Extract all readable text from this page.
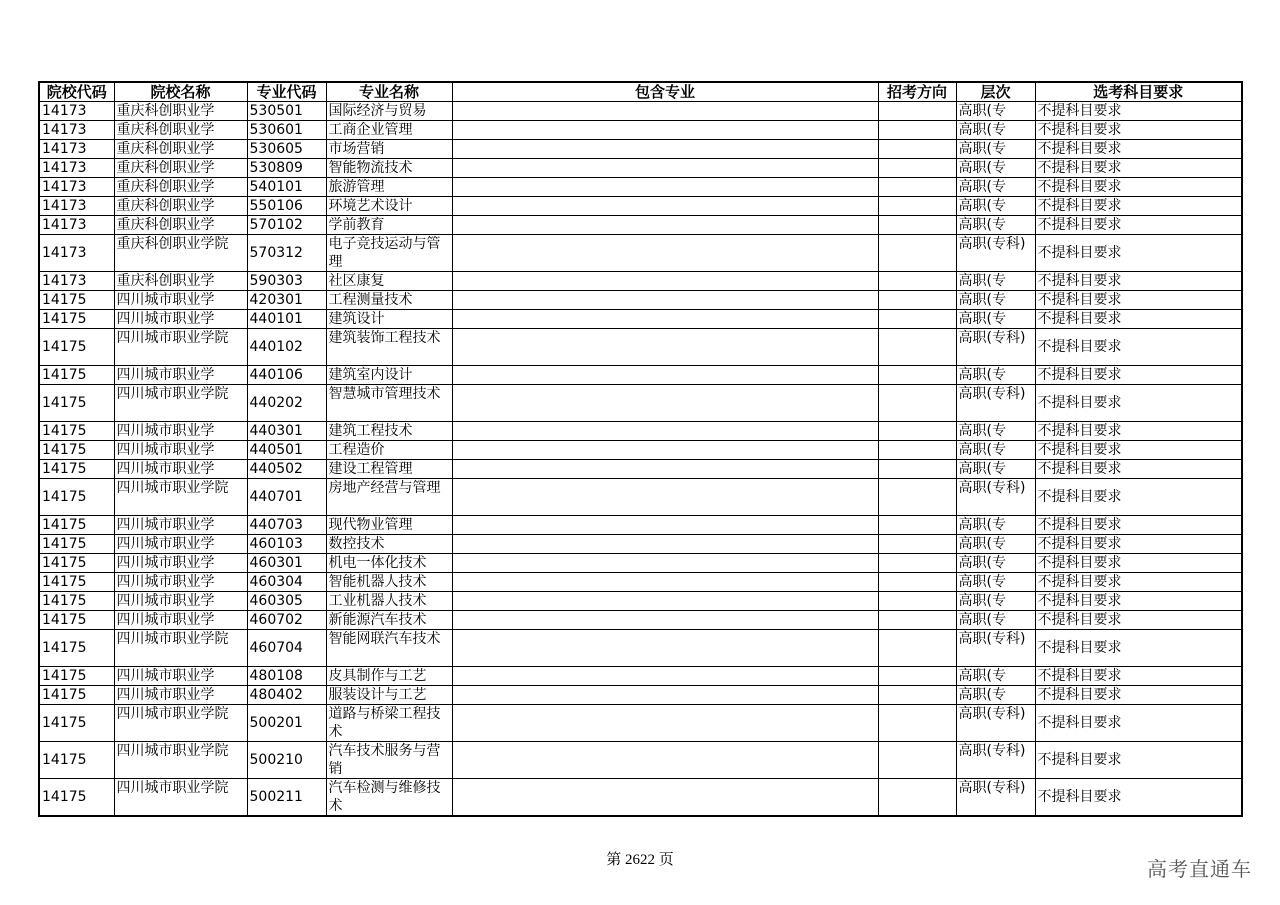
院校代码	院校名称	专业代码	专业名称	包含专业	招考方向	层次	选考科目要求
14173	重庆科创职业学	530501	国际经济与贸易			高职(专	不提科目要求
14173	重庆科创职业学	530601	工商企业管理			高职(专	不提科目要求
14173	重庆科创职业学	530605	市场营销			高职(专	不提科目要求
14173	重庆科创职业学	530809	智能物流技术			高职(专	不提科目要求
14173	重庆科创职业学	540101	旅游管理			高职(专	不提科目要求
14173	重庆科创职业学	550106	环境艺术设计			高职(专	不提科目要求
14173	重庆科创职业学	570102	学前教育			高职(专	不提科目要求
14173	重庆科创职业学院	570312	电子竞技运动与管理			高职(专科)	不提科目要求
14173	重庆科创职业学	590303	社区康复			高职(专	不提科目要求
14175	四川城市职业学	420301	工程测量技术			高职(专	不提科目要求
14175	四川城市职业学	440101	建筑设计			高职(专	不提科目要求
14175	四川城市职业学院	440102	建筑装饰工程技术			高职(专科)	不提科目要求
14175	四川城市职业学	440106	建筑室内设计			高职(专	不提科目要求
14175	四川城市职业学院	440202	智慧城市管理技术			高职(专科)	不提科目要求
14175	四川城市职业学	440301	建筑工程技术			高职(专	不提科目要求
14175	四川城市职业学	440501	工程造价			高职(专	不提科目要求
14175	四川城市职业学	440502	建设工程管理			高职(专	不提科目要求
14175	四川城市职业学院	440701	房地产经营与管理			高职(专科)	不提科目要求
14175	四川城市职业学	440703	现代物业管理			高职(专	不提科目要求
14175	四川城市职业学	460103	数控技术			高职(专	不提科目要求
14175	四川城市职业学	460301	机电一体化技术			高职(专	不提科目要求
14175	四川城市职业学	460304	智能机器人技术			高职(专	不提科目要求
14175	四川城市职业学	460305	工业机器人技术			高职(专	不提科目要求
14175	四川城市职业学	460702	新能源汽车技术			高职(专	不提科目要求
14175	四川城市职业学院	460704	智能网联汽车技术			高职(专科)	不提科目要求
14175	四川城市职业学	480108	皮具制作与工艺			高职(专	不提科目要求
14175	四川城市职业学	480402	服装设计与工艺			高职(专	不提科目要求
14175	四川城市职业学院	500201	道路与桥梁工程技术			高职(专科)	不提科目要求
14175	四川城市职业学院	500210	汽车技术服务与营销			高职(专科)	不提科目要求
14175	四川城市职业学院	500211	汽车检测与维修技术			高职(专科)	不提科目要求
第 2622 页	高考直通车
